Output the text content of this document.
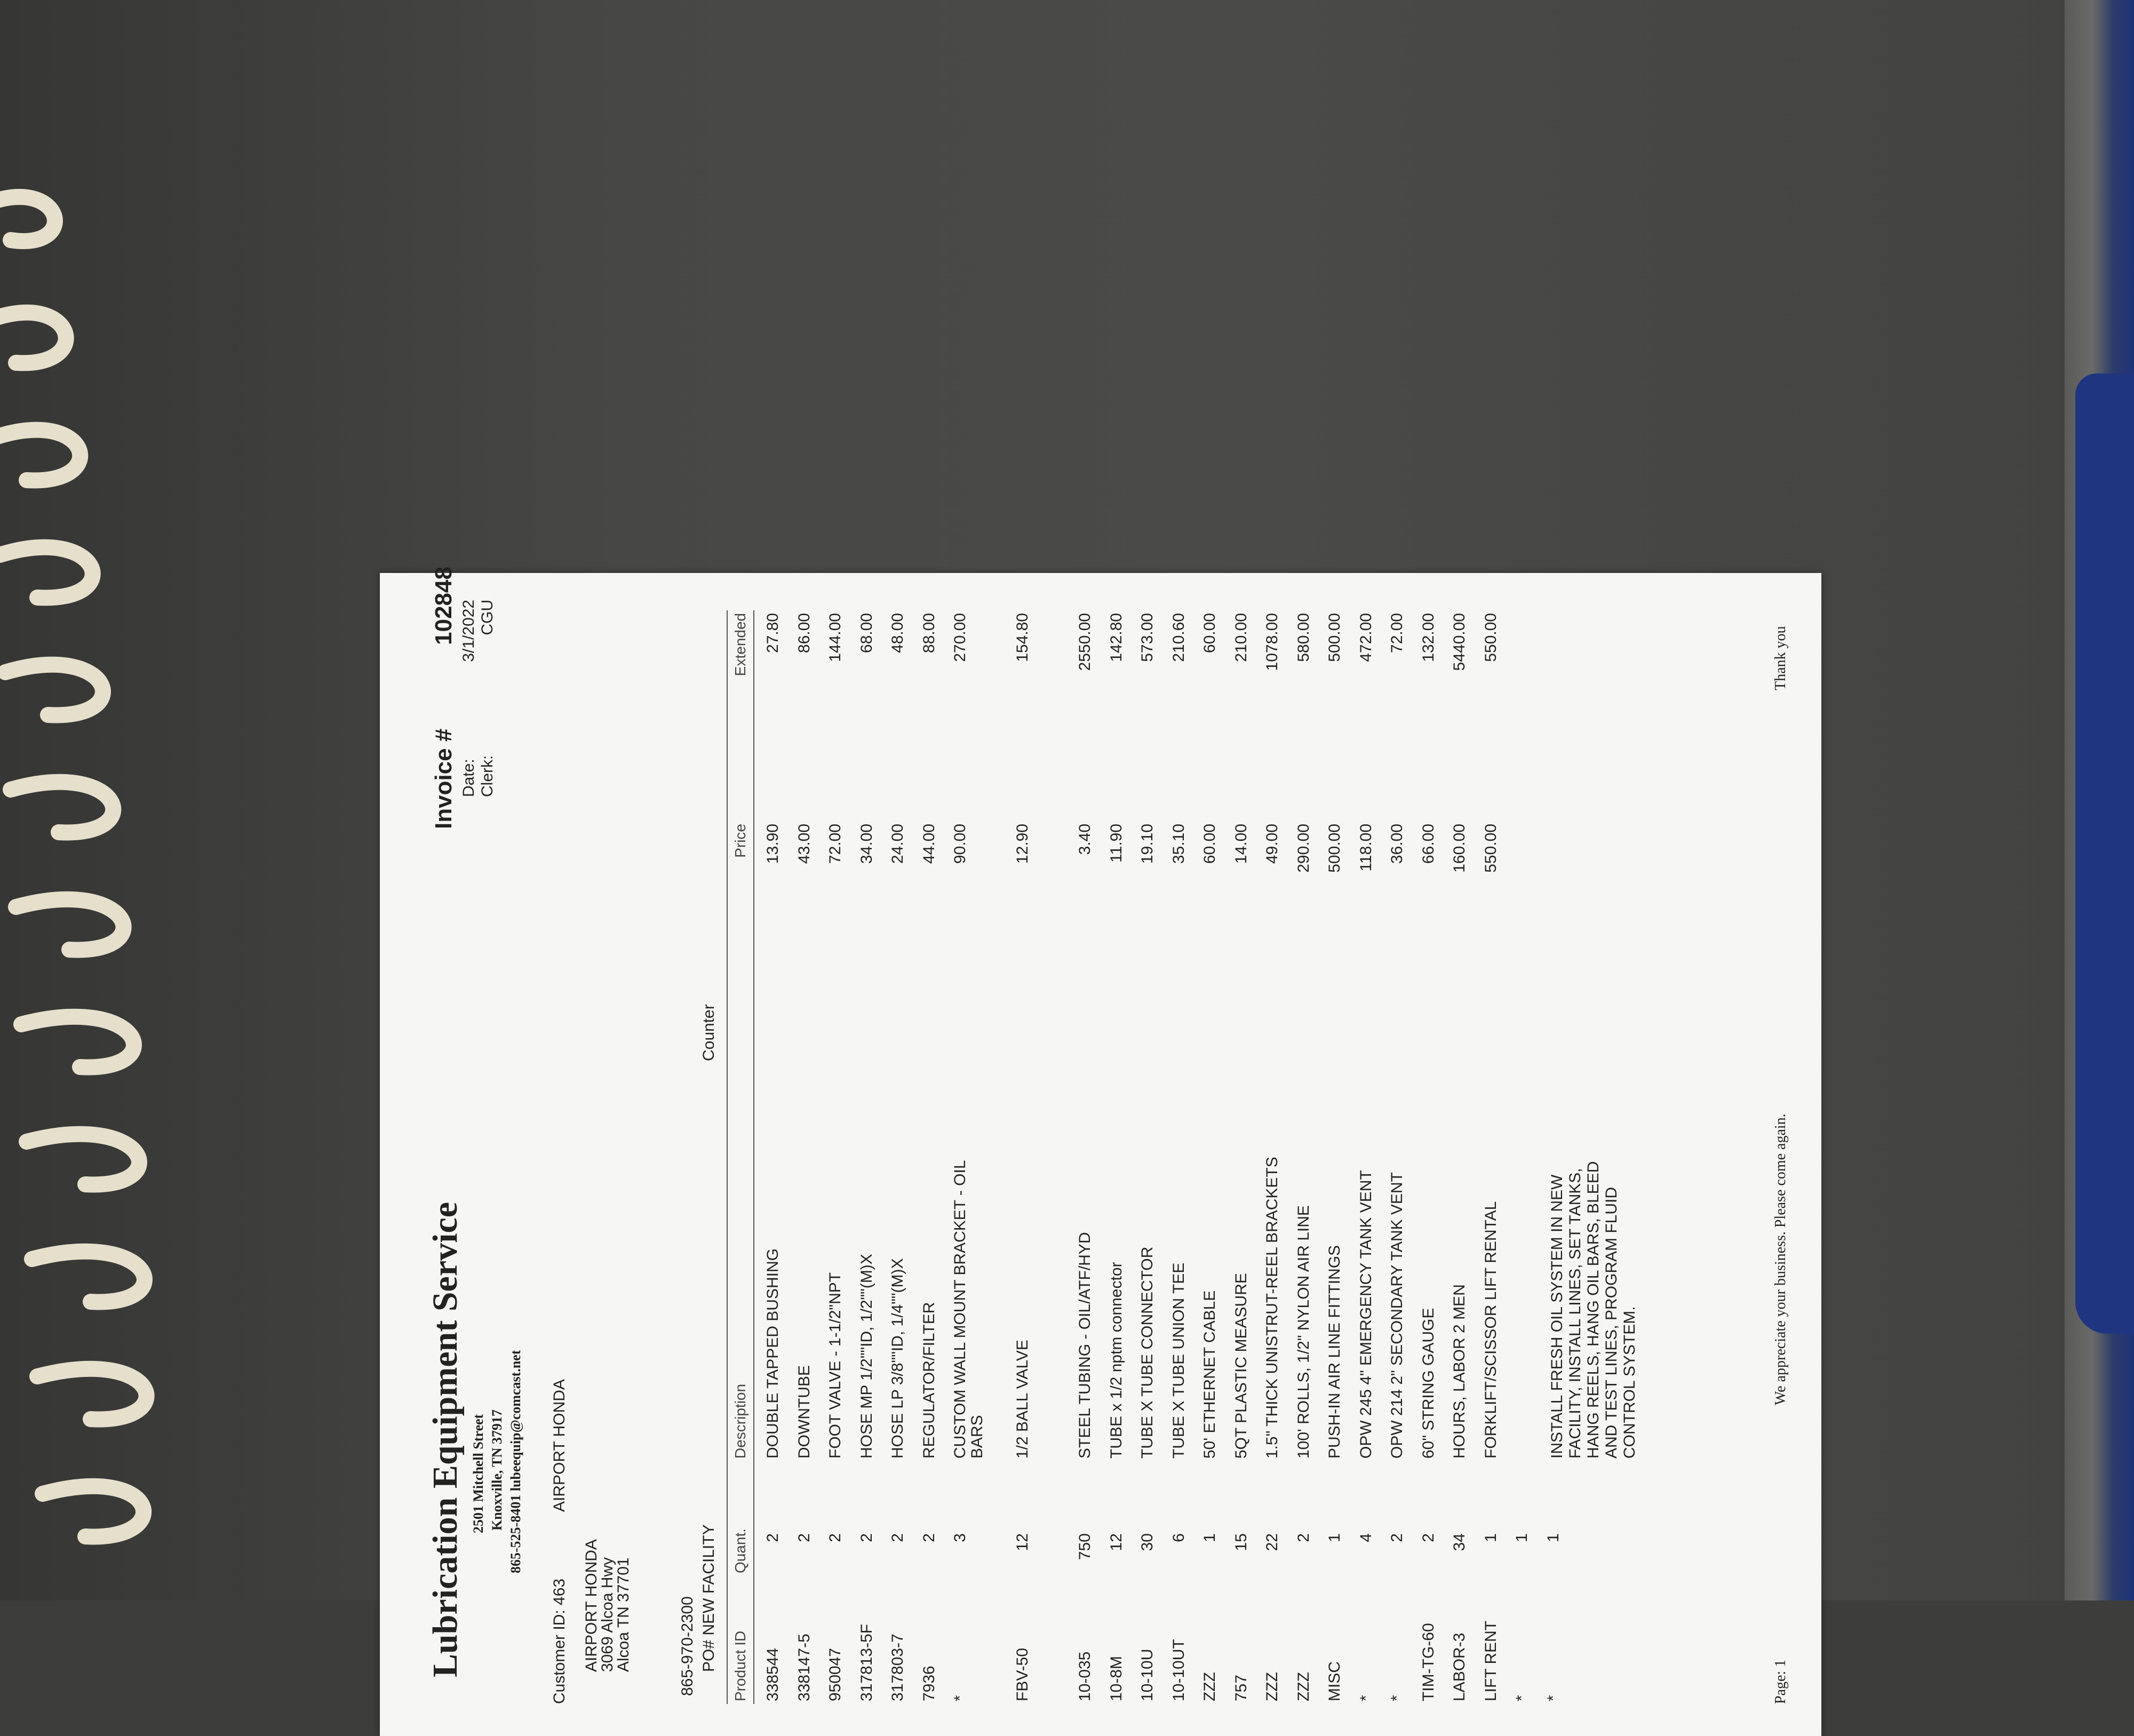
Lubrication Equipment Service 2501 Mitchell Street Knoxville, TN 37917 865-525-8401 lubeequip@comcast.net
Invoice #
102848
Date:
3/1/2022
Clerk:
CGU
Customer ID: 463
AIRPORT HONDA
AIRPORT HONDA
3069 Alcoa Hwy
Alcoa TN 37701	865-970-2300 PO# NEW FACILITY
Counter
Product ID
Quant.
Description
Price
Extended
338544
2
DOUBLE TAPPED BUSHING
13.90
27.80
338147-5
2
DOWNTUBE
43.00
86.00
950047
2
FOOT VALVE - 1-1/2"NPT
72.00
144.00
317813-5F
2
HOSE MP 1/2""ID, 1/2""(M)X
34.00
68.00
317803-7
2
HOSE LP 3/8""ID, 1/4""(M)X
24.00
48.00
7936
2
REGULATOR/FILTER
44.00
88.00
*
3
CUSTOM WALL MOUNT BRACKET - OIL BARS
90.00
270.00
FBV-50
12
1/2 BALL VALVE
12.90
154.80
10-035
750
STEEL TUBING - OIL/ATF/HYD
3.40
2550.00
10-8M
12
TUBE x 1/2 nptm connector
11.90
142.80
10-10U
30
TUBE X TUBE CONNECTOR
19.10
573.00
10-10UT
6
TUBE X TUBE UNION TEE
35.10
210.60
ZZZ
1
50' ETHERNET CABLE
60.00
60.00
757
15
5QT PLASTIC MEASURE
14.00
210.00
ZZZ
22
1.5" THICK UNISTRUT-REEL BRACKETS
49.00
1078.00
ZZZ
2
100' ROLLS, 1/2" NYLON AIR LINE
290.00
580.00
MISC
1
PUSH-IN AIR LINE FITTINGS
500.00
500.00
*
4
OPW 245 4" EMERGENCY TANK VENT
118.00
472.00
*
2
OPW 214 2" SECONDARY TANK VENT
36.00
72.00
TIM-TG-60
2
60" STRING GAUGE
66.00
132.00
LABOR-3
34
HOURS, LABOR 2 MEN
160.00
5440.00
LIFT RENT
1
FORKLIFT/SCISSOR LIFT RENTAL
550.00
550.00
*
1
*
1
INSTALL FRESH OIL SYSTEM IN NEW FACILITY, INSTALL LINES, SET TANKS, HANG REELS, HANG OIL BARS, BLEED AND TEST LINES, PROGRAM FLUID CONTROL SYSTEM.
Page: 1
We appreciate your business. Please come again.
Thank you
